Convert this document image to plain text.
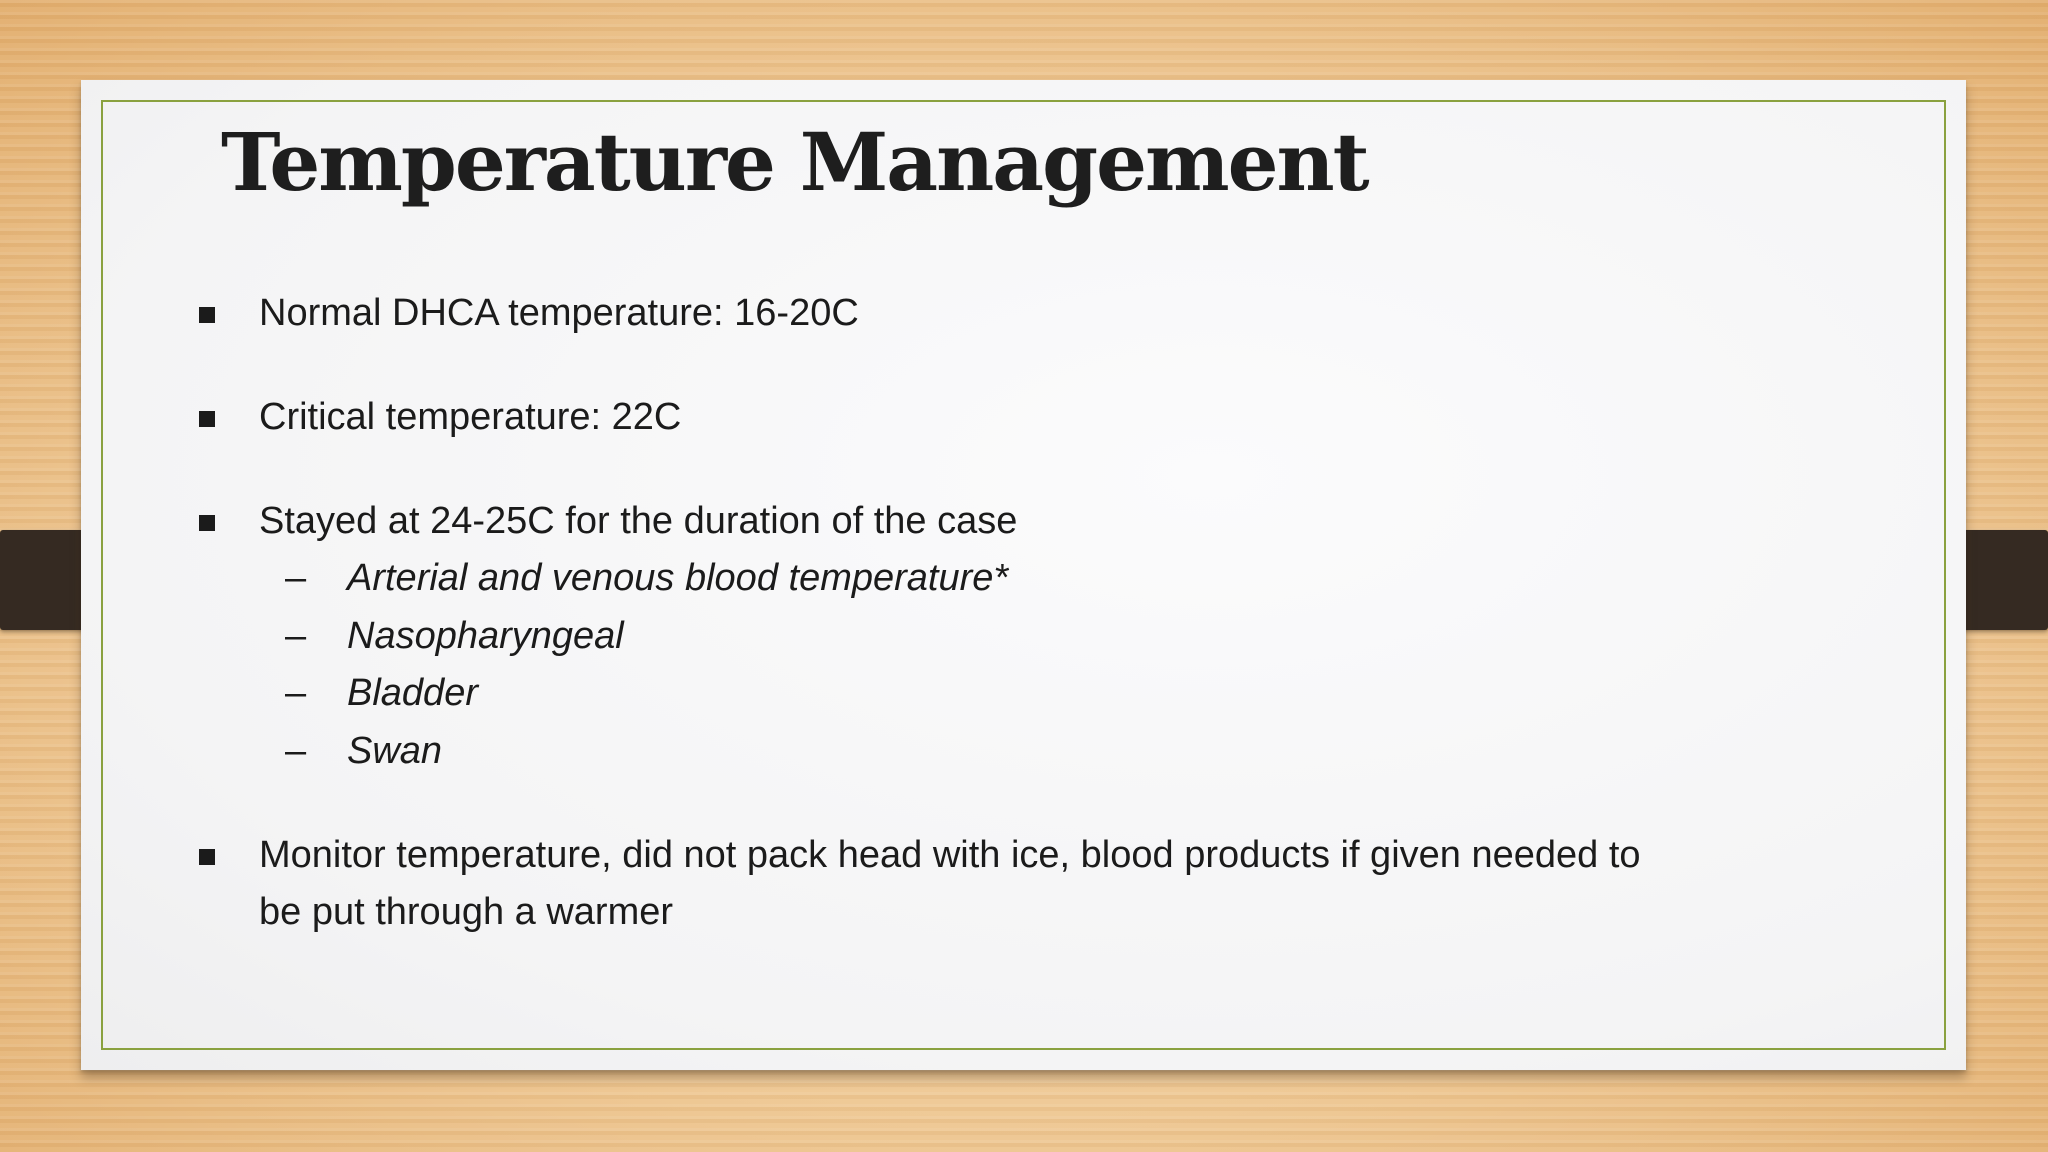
Temperature Management
Normal DHCA temperature: 16-20C
Critical temperature: 22C
Stayed at 24-25C for the duration of the case
– Arterial and venous blood temperature*
– Nasopharyngeal
– Bladder
– Swan
Monitor temperature, did not pack head with ice, blood products if given needed to be put through a warmer
